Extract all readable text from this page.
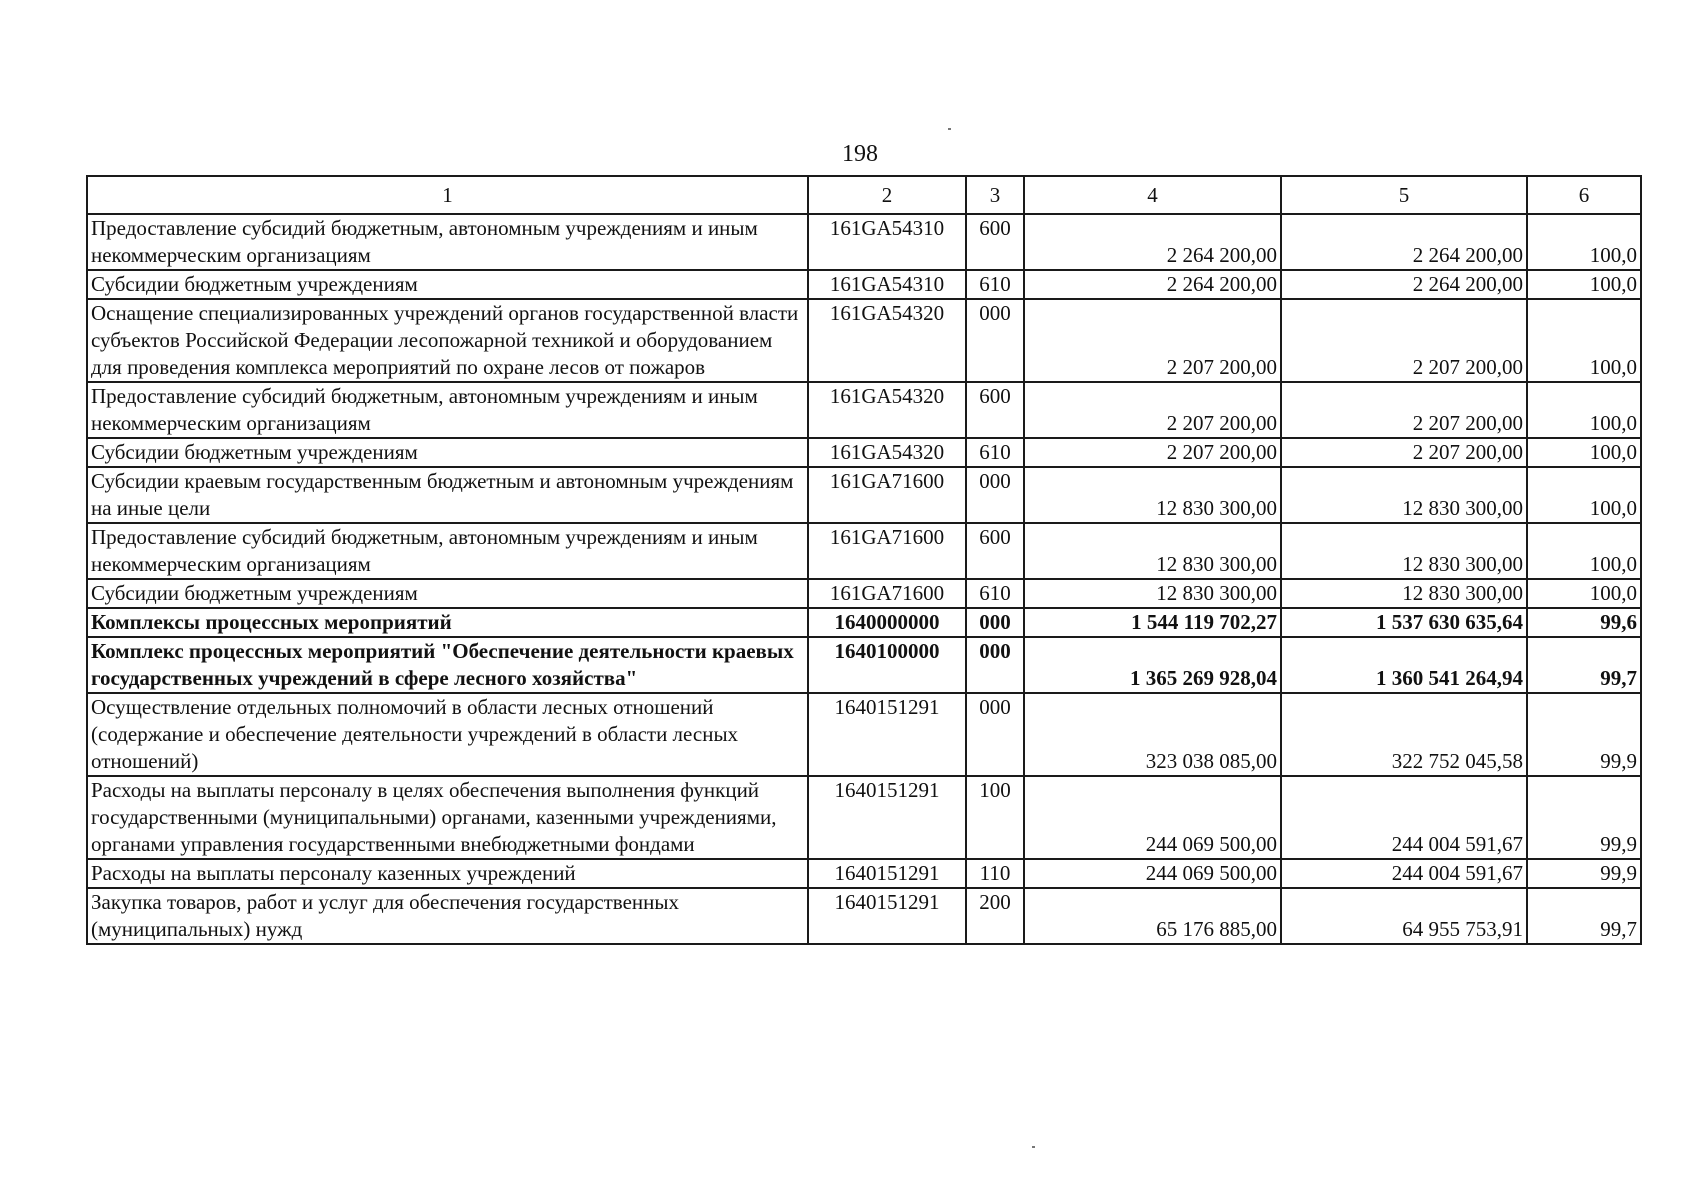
198
1	2	3	4	5	6
Предоставление субсидий бюджетным, автономным учреждениям и иным некоммерческим организациям	161GA54310	600	2 264 200,00	2 264 200,00	100,0
Субсидии бюджетным учреждениям	161GA54310	610	2 264 200,00	2 264 200,00	100,0
Оснащение специализированных учреждений органов государственной власти субъектов Российской Федерации лесопожарной техникой и оборудованием для проведения комплекса мероприятий по охране лесов от пожаров	161GA54320	000	2 207 200,00	2 207 200,00	100,0
Предоставление субсидий бюджетным, автономным учреждениям и иным некоммерческим организациям	161GA54320	600	2 207 200,00	2 207 200,00	100,0
Субсидии бюджетным учреждениям	161GA54320	610	2 207 200,00	2 207 200,00	100,0
Субсидии краевым государственным бюджетным и автономным учреждениям на иные цели	161GA71600	000	12 830 300,00	12 830 300,00	100,0
Предоставление субсидий бюджетным, автономным учреждениям и иным некоммерческим организациям	161GA71600	600	12 830 300,00	12 830 300,00	100,0
Субсидии бюджетным учреждениям	161GA71600	610	12 830 300,00	12 830 300,00	100,0
Комплексы процессных мероприятий	1640000000	000	1 544 119 702,27	1 537 630 635,64	99,6
Комплекс процессных мероприятий "Обеспечение деятельности краевых государственных учреждений в сфере лесного хозяйства"	1640100000	000	1 365 269 928,04	1 360 541 264,94	99,7
Осуществление отдельных полномочий в области лесных отношений (содержание и обеспечение деятельности учреждений в области лесных отношений)	1640151291	000	323 038 085,00	322 752 045,58	99,9
Расходы на выплаты персоналу в целях обеспечения выполнения функций государственными (муниципальными) органами, казенными учреждениями, органами управления государственными внебюджетными фондами	1640151291	100	244 069 500,00	244 004 591,67	99,9
Расходы на выплаты персоналу казенных учреждений	1640151291	110	244 069 500,00	244 004 591,67	99,9
Закупка товаров, работ и услуг для обеспечения государственных (муниципальных) нужд	1640151291	200	65 176 885,00	64 955 753,91	99,7
